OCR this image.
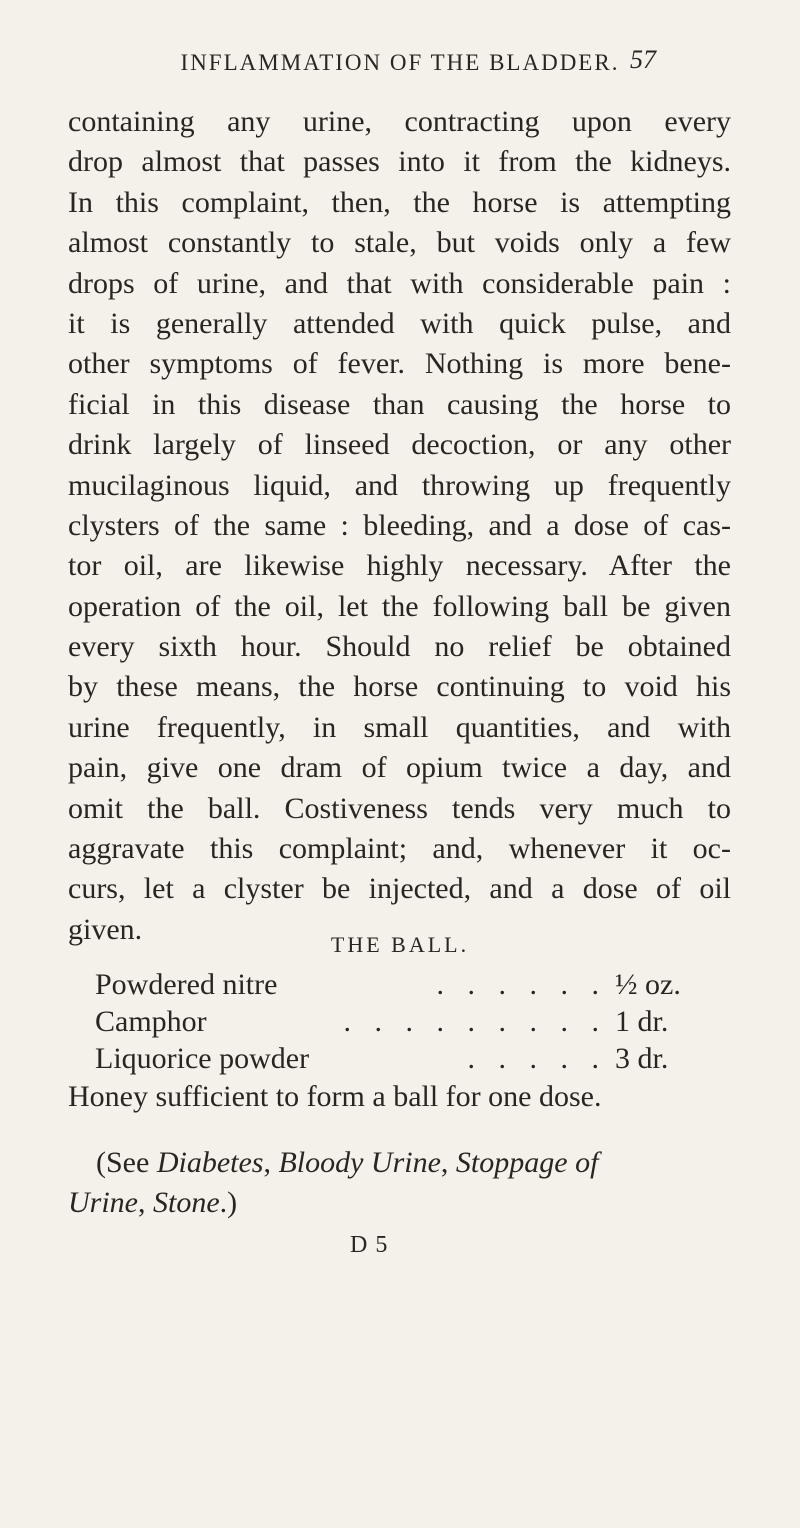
INFLAMMATION OF THE BLADDER. 57
containing any urine, contracting upon every
drop almost that passes into it from the kidneys.
In this complaint, then, the horse is attempting
almost constantly to stale, but voids only a few
drops of urine, and that with considerable pain :
it is generally attended with quick pulse, and
other symptoms of fever. Nothing is more bene-
ficial in this disease than causing the horse to
drink largely of linseed decoction, or any other
mucilaginous liquid, and throwing up frequently
clysters of the same : bleeding, and a dose of cas-
tor oil, are likewise highly necessary. After the
operation of the oil, let the following ball be given
every sixth hour. Should no relief be obtained
by these means, the horse continuing to void his
urine frequently, in small quantities, and with
pain, give one dram of opium twice a day, and
omit the ball. Costiveness tends very much to
aggravate this complaint; and, whenever it oc-
curs, let a clyster be injected, and a dose of oil
given.	THE BALL.
Powdered nitre	. . . . . . ½ oz.
Camphor	. . . . . . . . . 1 dr.
Liquorice powder	. . . . . 3 dr.
Honey sufficient to form a ball for one dose.
(See Diabetes, Bloody Urine, Stoppage of
Urine, Stone.)
D 5
